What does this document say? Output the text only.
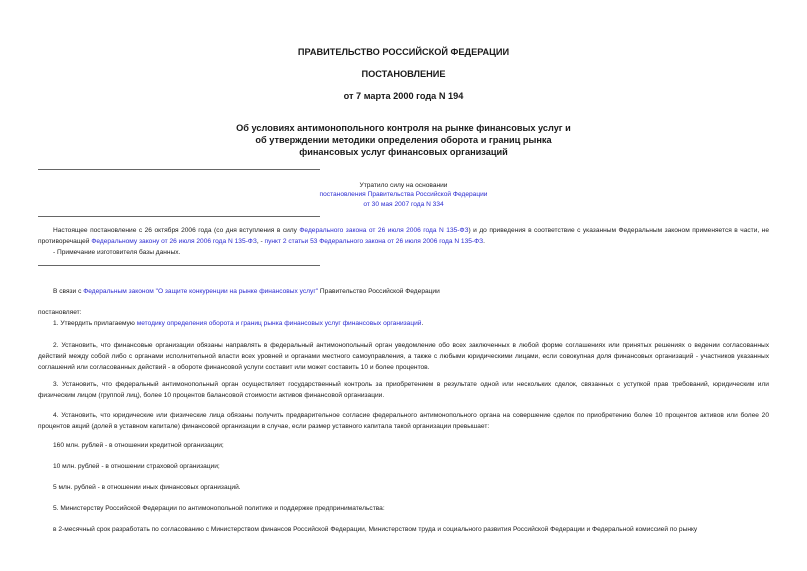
ПРАВИТЕЛЬСТВО РОССИЙСКОЙ ФЕДЕРАЦИИ
ПОСТАНОВЛЕНИЕ
от 7 марта 2000 года N 194
Об условиях антимонопольного контроля на рынке финансовых услуг и
об утверждении методики определения оборота и границ рынка
финансовых услуг финансовых организаций
Утратило силу на основании
постановления Правительства Российской Федерации
от 30 мая 2007 года N 334
Настоящее постановление с 26 октября 2006 года (со дня вступления в силу Федерального закона от 26 июля 2006 года N 135-ФЗ) и до приведения в соответствие с указанным Федеральным законом применяется в части, не противоречащей Федеральному закону от 26 июля 2006 года N 135-ФЗ, - пункт 2 статьи 53 Федерального закона от 26 июля 2006 года N 135-ФЗ.
- Примечание изготовителя базы данных.
В связи с Федеральным законом "О защите конкуренции на рынке финансовых услуг" Правительство Российской Федерации
постановляет:
1. Утвердить прилагаемую методику определения оборота и границ рынка финансовых услуг финансовых организаций.
2. Установить, что финансовые организации обязаны направлять в федеральный антимонопольный орган уведомление обо всех заключенных в любой форме соглашениях или принятых решениях о ведении согласованных действий между собой либо с органами исполнительной власти всех уровней и органами местного самоуправления, а также с любыми юридическими лицами, если совокупная доля финансовых организаций - участников указанных соглашений или согласованных действий - в обороте финансовой услуги составит или может составить 10 и более процентов.
3. Установить, что федеральный антимонопольный орган осуществляет государственный контроль за приобретением в результате одной или нескольких сделок, связанных с уступкой прав требований, юридическим или физическим лицом (группой лиц), более 10 процентов балансовой стоимости активов финансовой организации.
4. Установить, что юридические или физические лица обязаны получить предварительное согласие федерального антимонопольного органа на совершение сделок по приобретению более 10 процентов активов или более 20 процентов акций (долей в уставном капитале) финансовой организации в случае, если размер уставного капитала такой организации превышает:
160 млн. рублей - в отношении кредитной организации;
10 млн. рублей - в отношении страховой организации;
5 млн. рублей - в отношении иных финансовых организаций.
5. Министерству Российской Федерации по антимонопольной политике и поддержке предпринимательства:
в 2-месячный срок разработать по согласованию с Министерством финансов Российской Федерации, Министерством труда и социального развития Российской Федерации и Федеральной комиссией по рынку
